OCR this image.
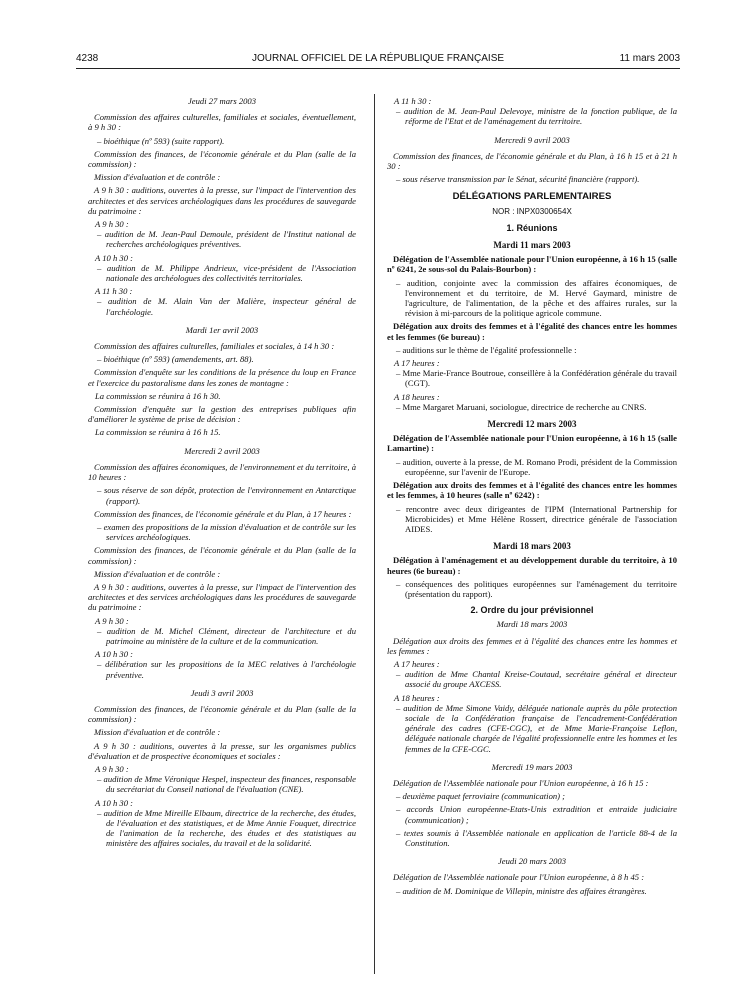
4238	JOURNAL OFFICIEL DE LA RÉPUBLIQUE FRANÇAISE	11 mars 2003
Jeudi 27 mars 2003
Commission des affaires culturelles, familiales et sociales, éventuellement, à 9 h 30 :
– bioéthique (nº 593) (suite rapport).
Commission des finances, de l'économie générale et du Plan (salle de la commission) :
Mission d'évaluation et de contrôle :
A 9 h 30 : auditions, ouvertes à la presse, sur l'impact de l'intervention des architectes et des services archéologiques dans les procédures de sauvegarde du patrimoine :
A 9 h 30 :
– audition de M. Jean-Paul Demoule, président de l'Institut national de recherches archéologiques préventives.
A 10 h 30 :
– audition de M. Philippe Andrieux, vice-président de l'Association nationale des archéologues des collectivités territoriales.
A 11 h 30 :
– audition de M. Alain Van der Malière, inspecteur général de l'archéologie.
Mardi 1er avril 2003
Commission des affaires culturelles, familiales et sociales, à 14 h 30 :
– bioéthique (nº 593) (amendements, art. 88).
Commission d'enquête sur les conditions de la présence du loup en France et l'exercice du pastoralisme dans les zones de montagne :
La commission se réunira à 16 h 30.
Commission d'enquête sur la gestion des entreprises publiques afin d'améliorer le système de prise de décision :
La commission se réunira à 16 h 15.
Mercredi 2 avril 2003
Commission des affaires économiques, de l'environnement et du territoire, à 10 heures :
– sous réserve de son dépôt, protection de l'environnement en Antarctique (rapport).
Commission des finances, de l'économie générale et du Plan, à 17 heures :
– examen des propositions de la mission d'évaluation et de contrôle sur les services archéologiques.
Commission des finances, de l'économie générale et du Plan (salle de la commission) :
Mission d'évaluation et de contrôle :
A 9 h 30 : auditions, ouvertes à la presse, sur l'impact de l'intervention des architectes et des services archéologiques dans les procédures de sauvegarde du patrimoine :
A 9 h 30 :
– audition de M. Michel Clément, directeur de l'architecture et du patrimoine au ministère de la culture et de la communication.
A 10 h 30 :
– délibération sur les propositions de la MEC relatives à l'archéologie préventive.
Jeudi 3 avril 2003
Commission des finances, de l'économie générale et du Plan (salle de la commission) :
Mission d'évaluation et de contrôle :
A 9 h 30 : auditions, ouvertes à la presse, sur les organismes publics d'évaluation et de prospective économiques et sociales :
A 9 h 30 :
– audition de Mme Véronique Hespel, inspecteur des finances, responsable du secrétariat du Conseil national de l'évaluation (CNE).
A 10 h 30 :
– audition de Mme Mireille Elbaum, directrice de la recherche, des études, de l'évaluation et des statistiques, et de Mme Annie Fouquet, directrice de l'animation de la recherche, des études et des statistiques au ministère des affaires sociales, du travail et de la solidarité.
A 11 h 30 :
– audition de M. Jean-Paul Delevoye, ministre de la fonction publique, de la réforme de l'Etat et de l'aménagement du territoire.
Mercredi 9 avril 2003
Commission des finances, de l'économie générale et du Plan, à 16 h 15 et à 21 h 30 :
– sous réserve transmission par le Sénat, sécurité financière (rapport).
DÉLÉGATIONS PARLEMENTAIRES
NOR : INPX0300654X
1. Réunions
Mardi 11 mars 2003
Délégation de l'Assemblée nationale pour l'Union européenne, à 16 h 15 (salle nº 6241, 2e sous-sol du Palais-Bourbon) :
– audition, conjointe avec la commission des affaires économiques, de l'environnement et du territoire, de M. Hervé Gaymard, ministre de l'agriculture, de l'alimentation, de la pêche et des affaires rurales, sur la révision à mi-parcours de la politique agricole commune.
Délégation aux droits des femmes et à l'égalité des chances entre les hommes et les femmes (6e bureau) :
– auditions sur le thème de l'égalité professionnelle :
A 17 heures :
– Mme Marie-France Boutroue, conseillère à la Confédération générale du travail (CGT).
A 18 heures :
– Mme Margaret Maruani, sociologue, directrice de recherche au CNRS.
Mercredi 12 mars 2003
Délégation de l'Assemblée nationale pour l'Union européenne, à 16 h 15 (salle Lamartine) :
– audition, ouverte à la presse, de M. Romano Prodi, président de la Commission européenne, sur l'avenir de l'Europe.
Délégation aux droits des femmes et à l'égalité des chances entre les hommes et les femmes, à 10 heures (salle nº 6242) :
– rencontre avec deux dirigeantes de l'IPM (International Partnership for Microbicides) et Mme Hélène Rossert, directrice générale de l'association AIDES.
Mardi 18 mars 2003
Délégation à l'aménagement et au développement durable du territoire, à 10 heures (6e bureau) :
– conséquences des politiques européennes sur l'aménagement du territoire (présentation du rapport).
2. Ordre du jour prévisionnel
Mardi 18 mars 2003
Délégation aux droits des femmes et à l'égalité des chances entre les hommes et les femmes :
A 17 heures :
– audition de Mme Chantal Kreise-Coutaud, secrétaire général et directeur associé du groupe AXCESS.
A 18 heures :
– audition de Mme Simone Vaidy, déléguée nationale auprès du pôle protection sociale de la Confédération française de l'encadrement-Confédération générale des cadres (CFE-CGC), et de Mme Marie-Françoise Leflon, déléguée nationale chargée de l'égalité professionnelle entre les hommes et les femmes de la CFE-CGC.
Mercredi 19 mars 2003
Délégation de l'Assemblée nationale pour l'Union européenne, à 16 h 15 :
– deuxième paquet ferroviaire (communication) ;
– accords Union européenne-Etats-Unis extradition et entraide judiciaire (communication) ;
– textes soumis à l'Assemblée nationale en application de l'article 88-4 de la Constitution.
Jeudi 20 mars 2003
Délégation de l'Assemblée nationale pour l'Union européenne, à 8 h 45 :
– audition de M. Dominique de Villepin, ministre des affaires étrangères.
